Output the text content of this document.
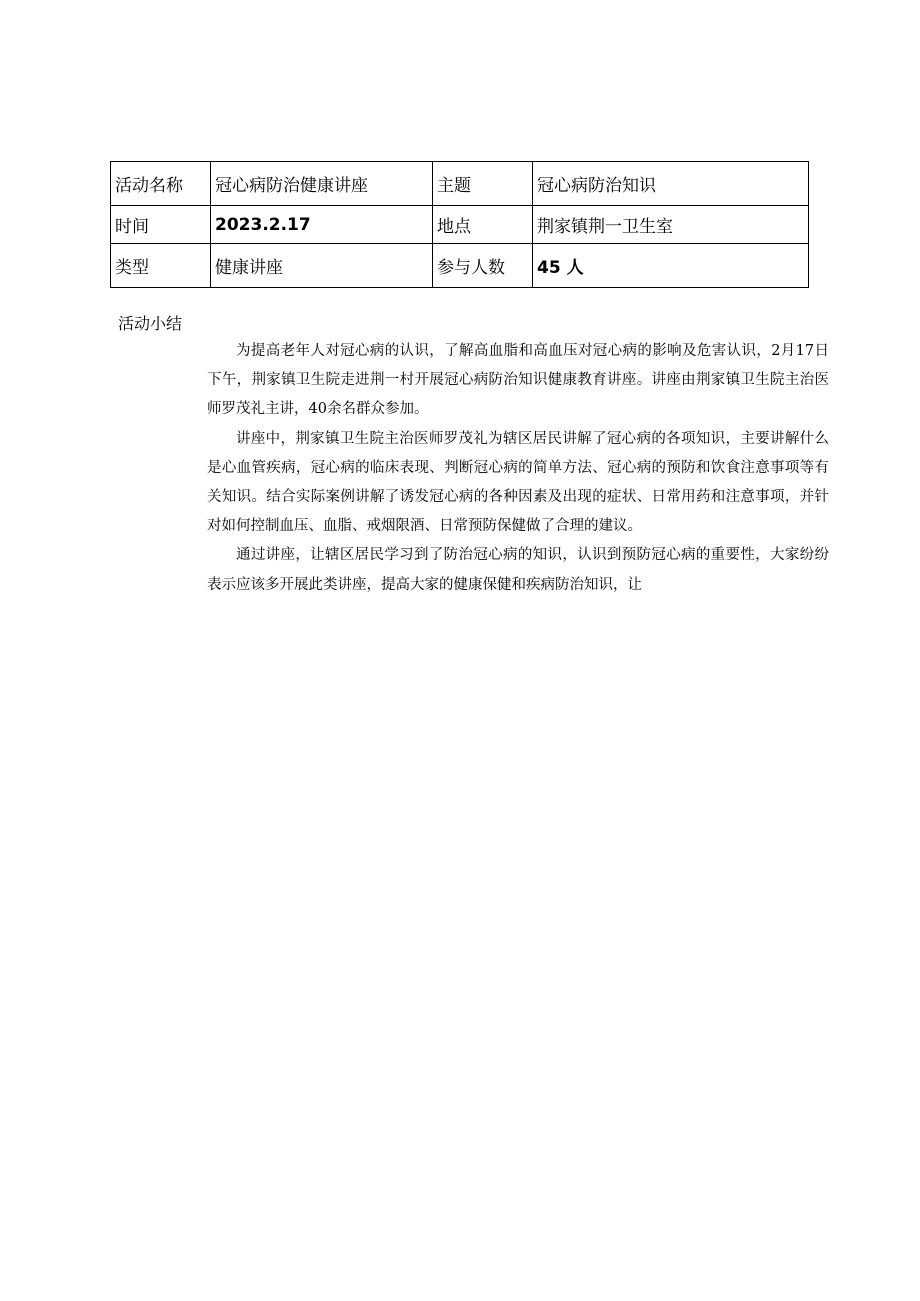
活动名称	冠心病防治健康讲座	主题	冠心病防治知识
时间	2023.2.17	地点	荆家镇荆一卫生室
类型	健康讲座	参与人数	45 人
活动小结

为提高老年人对冠心病的认识，了解高血脂和高血压对冠心病的影响及危害认识，2月17日下午，荆家镇卫生院走进荆一村开展冠心病防治知识健康教育讲座。讲座由荆家镇卫生院主治医师罗茂礼主讲，40余名群众参加。

讲座中，荆家镇卫生院主治医师罗茂礼为辖区居民讲解了冠心病的各项知识，主要讲解什么是心血管疾病，冠心病的临床表现、判断冠心病的简单方法、冠心病的预防和饮食注意事项等有关知识。结合实际案例讲解了诱发冠心病的各种因素及出现的症状、日常用药和注意事项，并针对如何控制血压、血脂、戒烟限酒、日常预防保健做了合理的建议。

通过讲座，让辖区居民学习到了防治冠心病的知识，认识到预防冠心病的重要性，大家纷纷表示应该多开展此类讲座，提高大家的健康保健和疾病防治知识，让
